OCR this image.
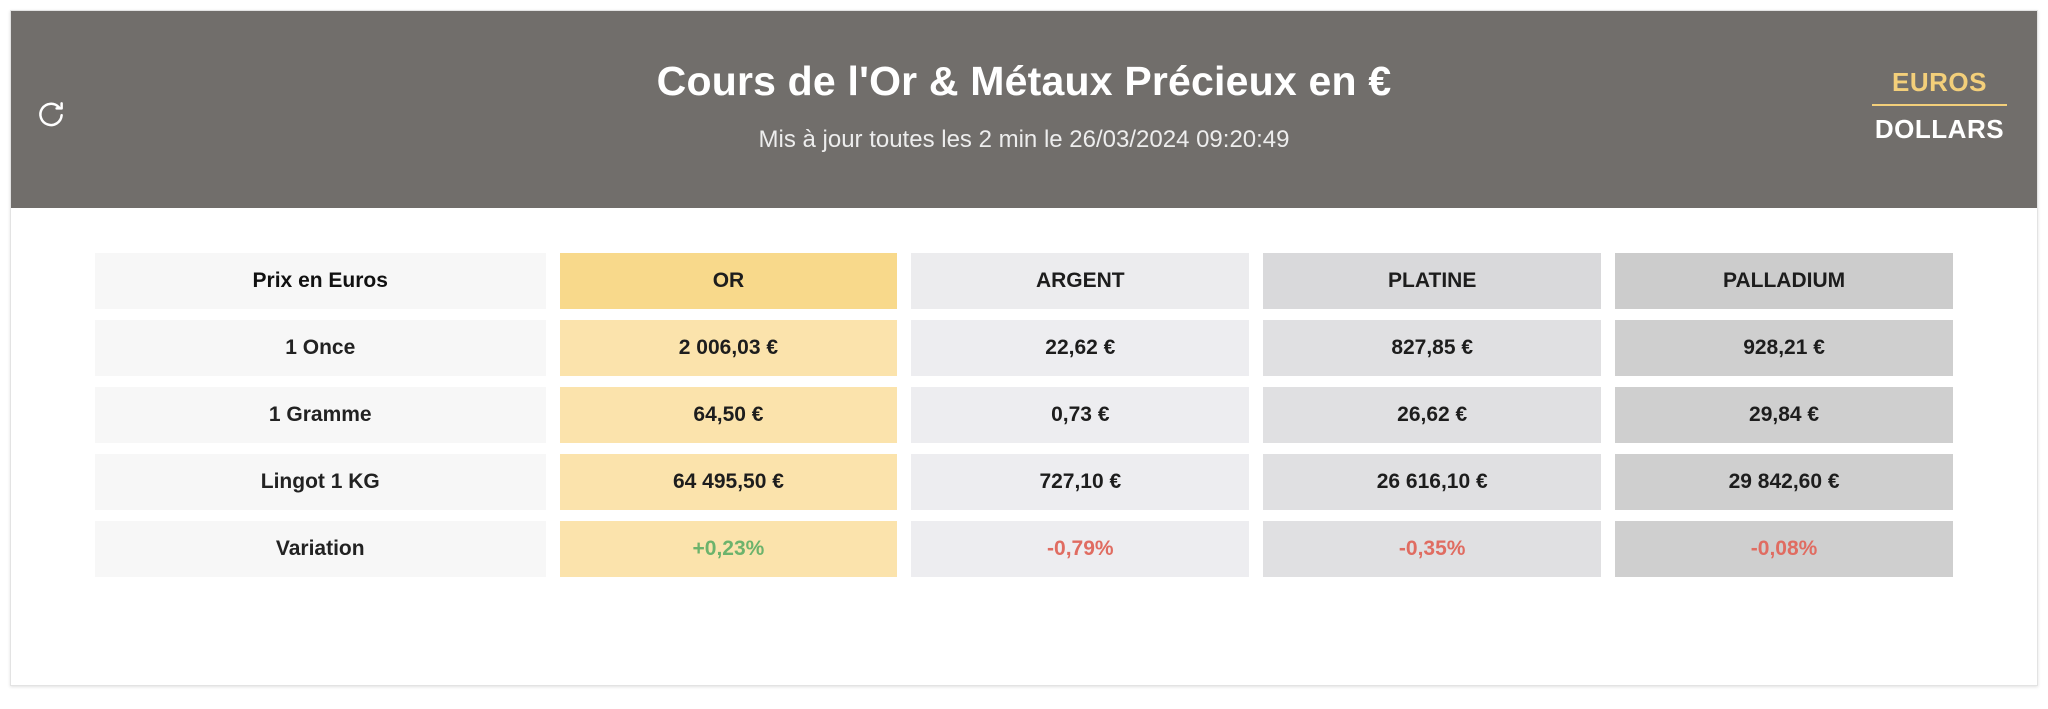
Cours de l'Or & Métaux Précieux en €
Mis à jour toutes les 2 min le 26/03/2024 09:20:49
EUROS
DOLLARS
Prix en Euros	OR	ARGENT	PLATINE	PALLADIUM
1 Once	2 006,03 €	22,62 €	827,85 €	928,21 €
1 Gramme	64,50 €	0,73 €	26,62 €	29,84 €
Lingot 1 KG	64 495,50 €	727,10 €	26 616,10 €	29 842,60 €
Variation	+0,23%	-0,79%	-0,35%	-0,08%
